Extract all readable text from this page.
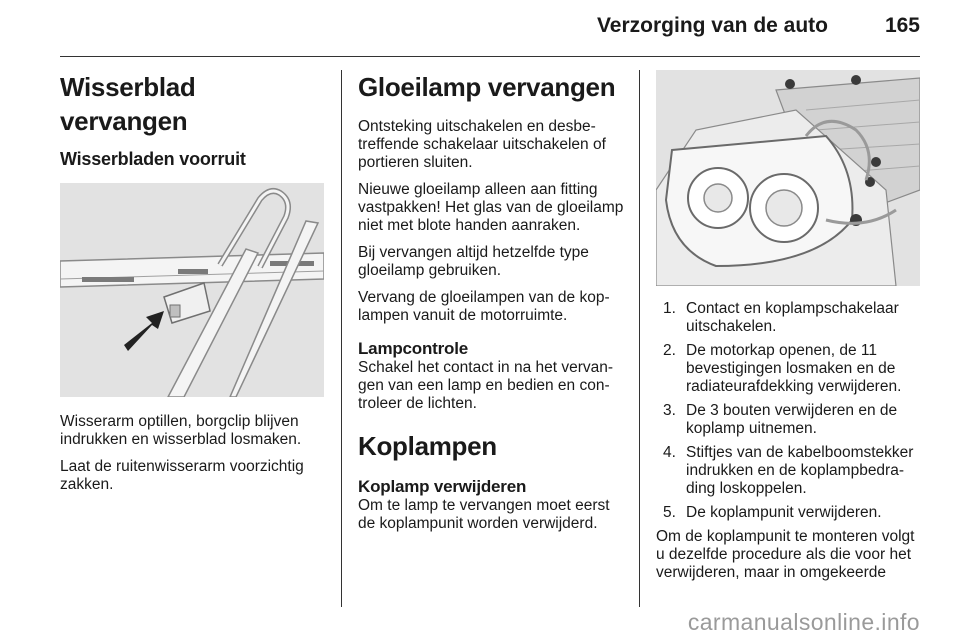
Verzorging van de auto	165
Wisserblad vervangen
Wisserbladen voorruit

Wisserarm optillen, borgclip blijven indrukken en wisserblad losmaken.

Laat de ruitenwisserarm voorzichtig zakken.

Gloeilamp vervangen

Ontsteking uitschakelen en desbetreffende schakelaar uitschakelen of portieren sluiten.

Nieuwe gloeilamp alleen aan fitting vastpakken! Het glas van de gloeilamp niet met blote handen aanraken.

Bij vervangen altijd hetzelfde type gloeilamp gebruiken.

Vervang de gloeilampen van de koplampen vanuit de motorruimte.

Lampcontrole

Schakel het contact in na het vervangen van een lamp en bedien en controleer de lichten.

Koplampen
Koplamp verwijderen

Om te lamp te vervangen moet eerst de koplampunit worden verwijderd.

1. Contact en koplampschakelaar uitschakelen.
2. De motorkap openen, de 11 bevestigingen losmaken en de radiateurafdekking verwijderen.
3. De 3 bouten verwijderen en de koplamp uitnemen.
4. Stiftjes van de kabelboomstekker indrukken en de koplampbedrading loskoppelen.
5. De koplampunit verwijderen.

Om de koplampunit te monteren volgt u dezelfde procedure als die voor het verwijderen, maar in omgekeerde

carmanualsonline.info
